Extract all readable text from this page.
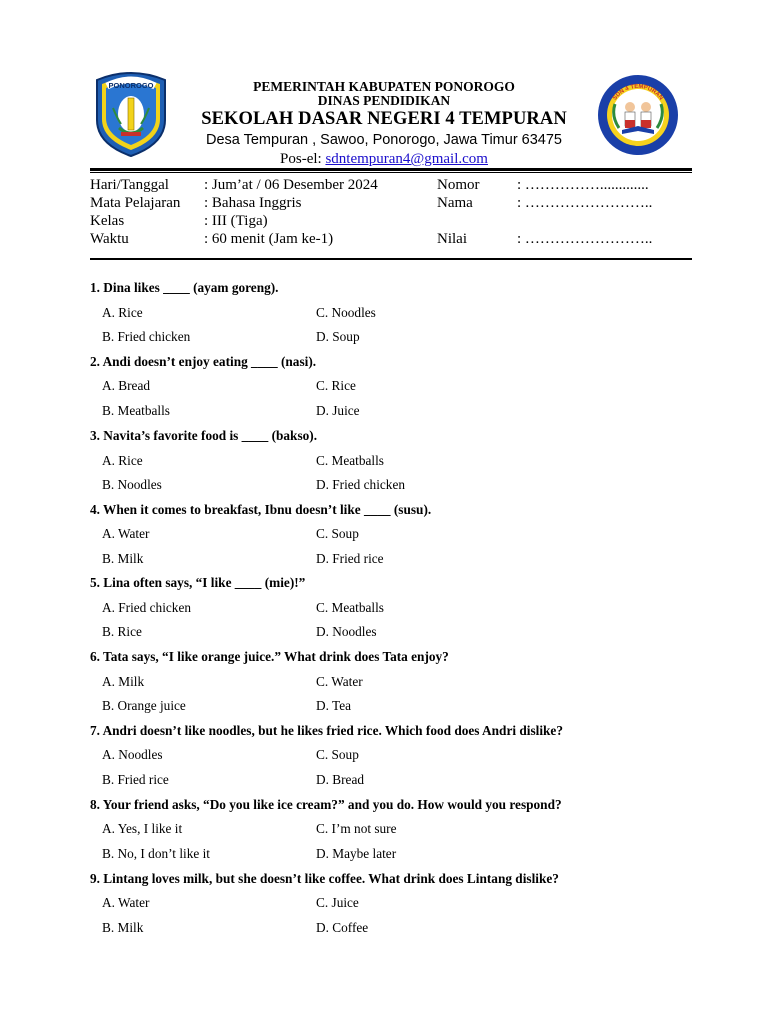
PONOROGO	PEMERINTAH KABUPATEN PONOROGO
DINAS PENDIDIKAN
SEKOLAH DASAR NEGERI 4 TEMPURAN
Desa Tempuran , Sawoo, Ponorogo, Jawa Timur 63475
Pos-el: sdntempuran4@gmail.com
SDN 4 TEMPURAN
Hari/Tanggal : Jum’at / 06 Desember 2024	Nomor	: …………….............
Mata Pelajaran : Bahasa Inggris	Nama	: ……………………..
Kelas	: III (Tiga)
Waktu	: 60 menit (Jam ke-1)	Nilai	: ……………………..
1. Dina likes ____ (ayam goreng).
A. Rice	C. Noodles
B. Fried chicken	D. Soup
2. Andi doesn’t enjoy eating ____ (nasi).
A. Bread	C. Rice
B. Meatballs	D. Juice
3. Navita’s favorite food is ____ (bakso).
A. Rice	C. Meatballs
B. Noodles	D. Fried chicken
4. When it comes to breakfast, Ibnu doesn’t like ____ (susu).
A. Water	C. Soup
B. Milk	D. Fried rice
5. Lina often says, “I like ____ (mie)!”
A. Fried chicken	C. Meatballs
B. Rice	D. Noodles
6. Tata says, “I like orange juice.” What drink does Tata enjoy?
A. Milk	C. Water
B. Orange juice	D. Tea
7. Andri doesn’t like noodles, but he likes fried rice. Which food does Andri dislike?
A. Noodles	C. Soup
B. Fried rice	D. Bread
8. Your friend asks, “Do you like ice cream?” and you do. How would you respond?
A. Yes, I like it	C. I’m not sure
B. No, I don’t like it	D. Maybe later
9. Lintang loves milk, but she doesn’t like coffee. What drink does Lintang dislike?
A. Water	C. Juice
B. Milk	D. Coffee
